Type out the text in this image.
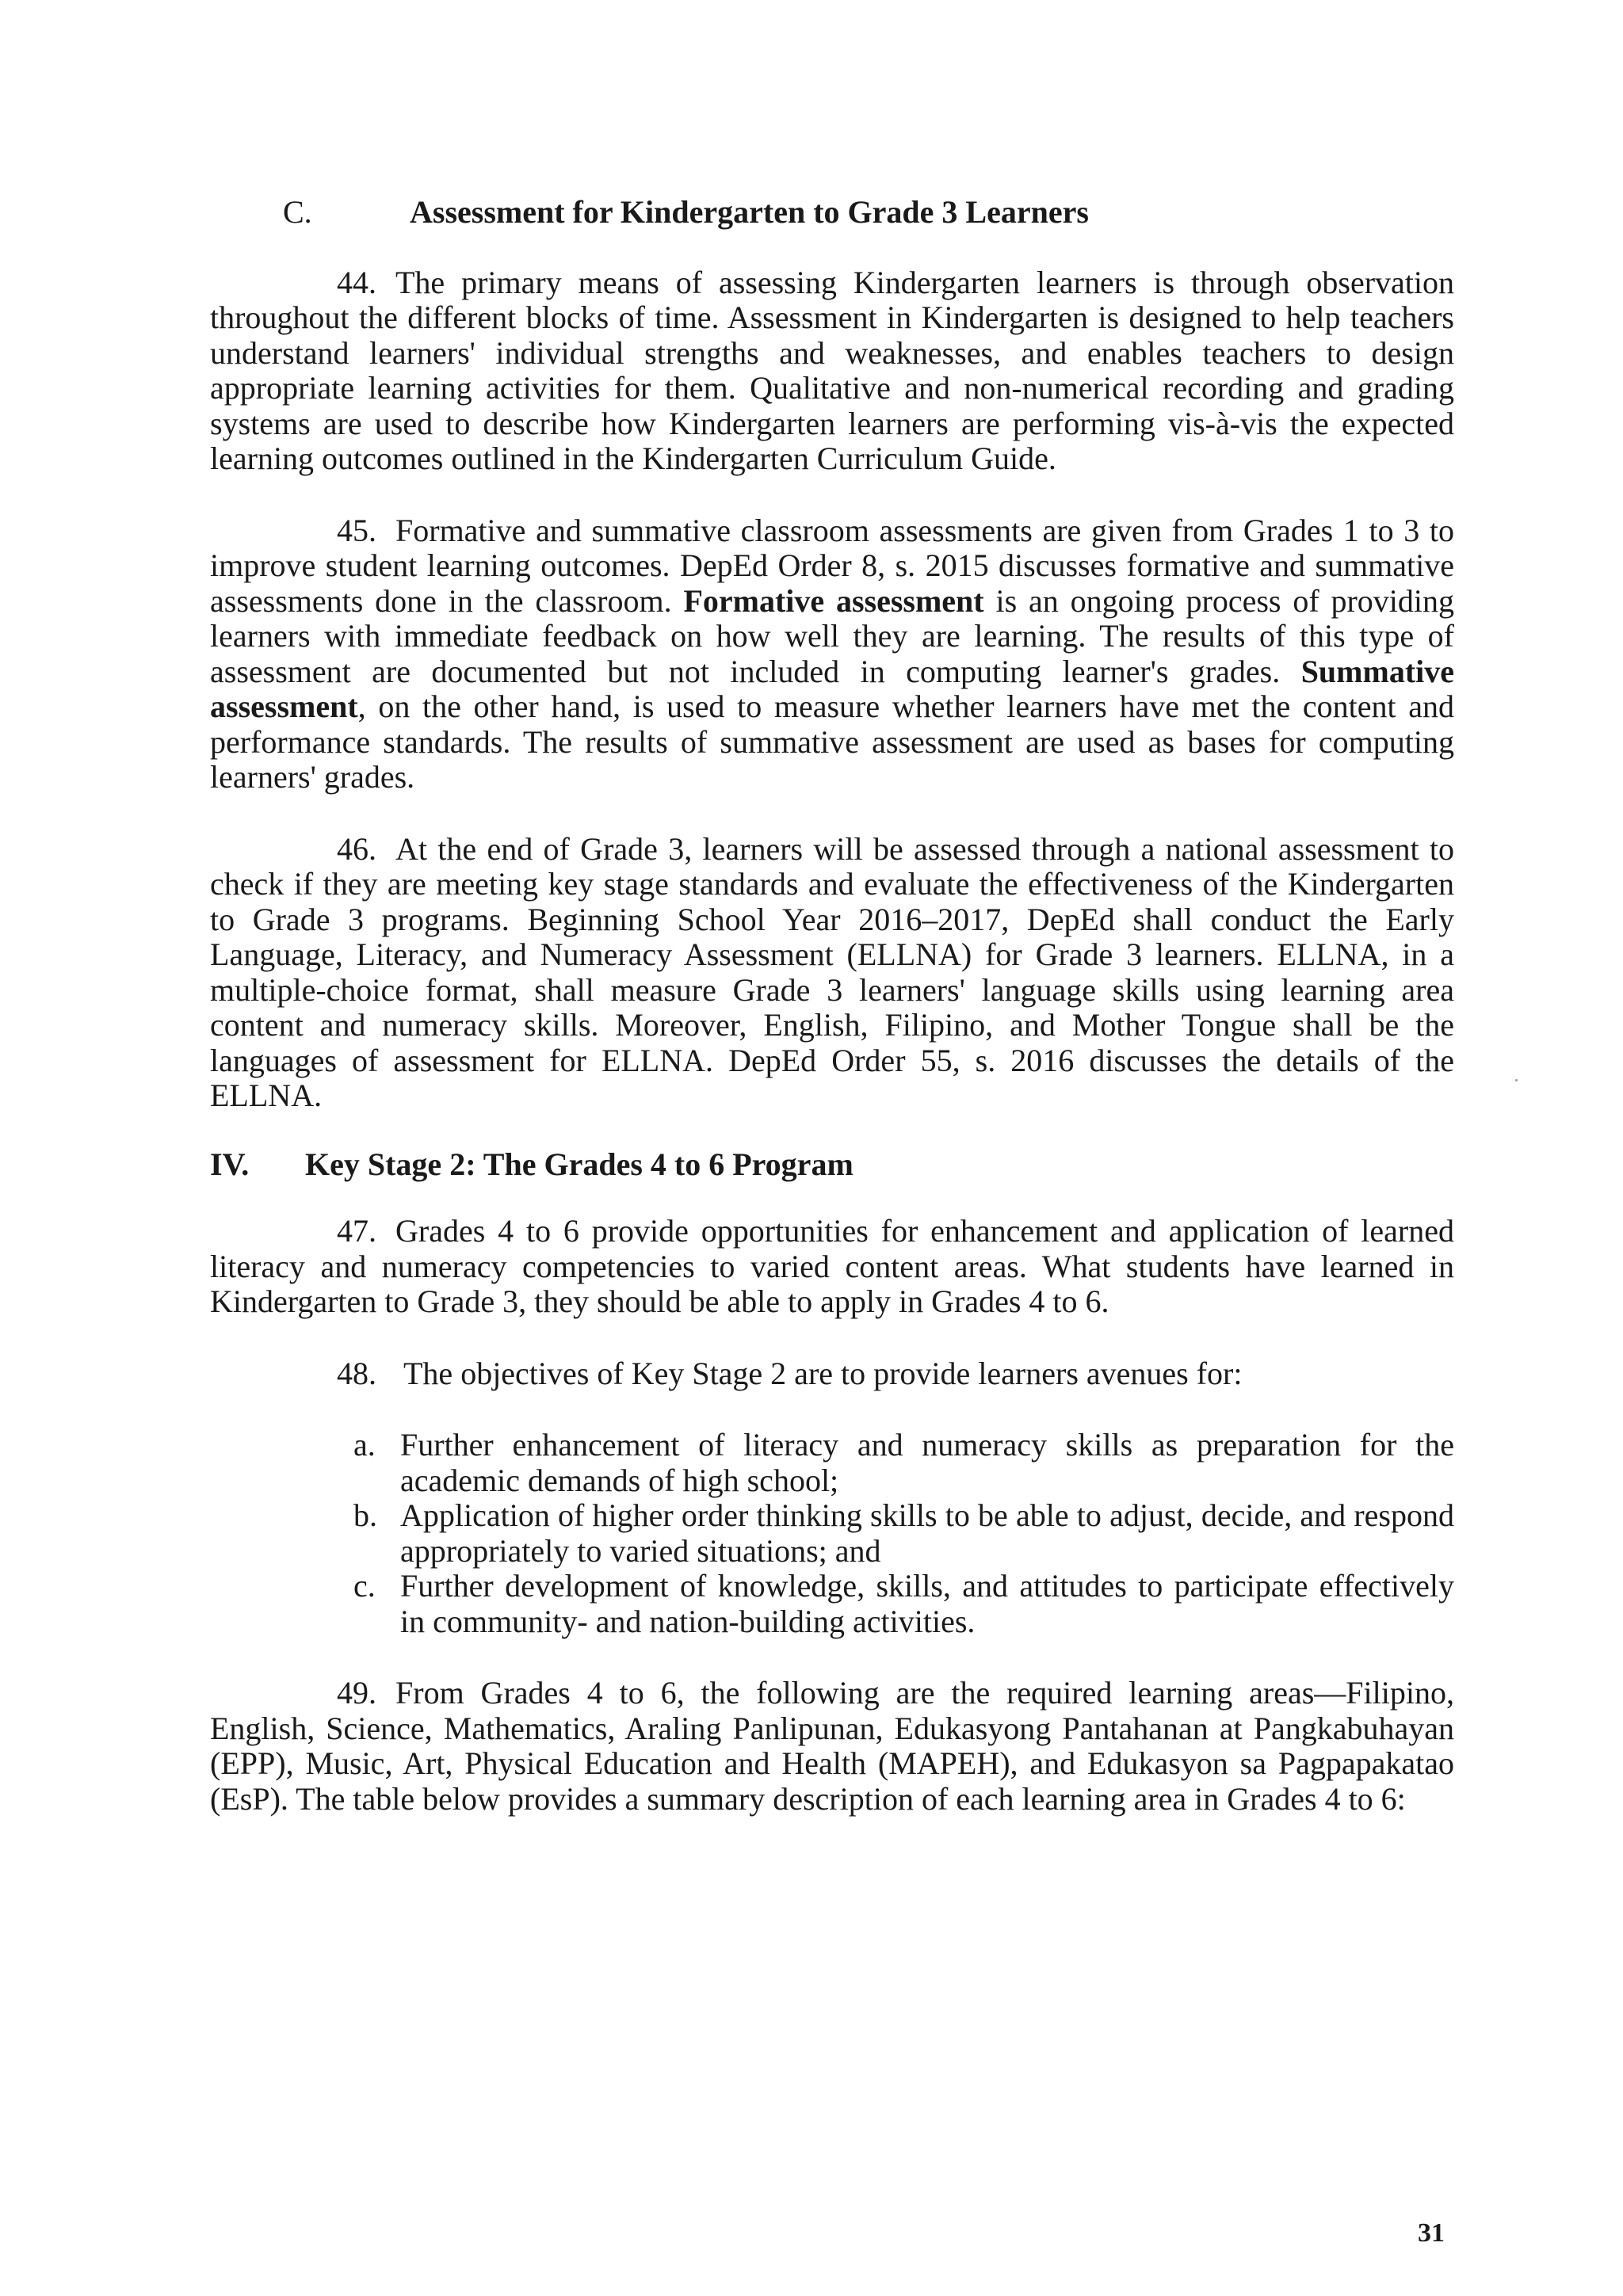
C.	Assessment for Kindergarten to Grade 3 Learners

44. The primary means of assessing Kindergarten learners is through observation throughout the different blocks of time. Assessment in Kindergarten is designed to help teachers understand learners' individual strengths and weaknesses, and enables teachers to design appropriate learning activities for them. Qualitative and non-numerical recording and grading systems are used to describe how Kindergarten learners are performing vis-à-vis the expected learning outcomes outlined in the Kindergarten Curriculum Guide.

45. Formative and summative classroom assessments are given from Grades 1 to 3 to improve student learning outcomes. DepEd Order 8, s. 2015 discusses formative and summative assessments done in the classroom. Formative assessment is an ongoing process of providing learners with immediate feedback on how well they are learning. The results of this type of assessment are documented but not included in computing learner's grades. Summative assessment, on the other hand, is used to measure whether learners have met the content and performance standards. The results of summative assessment are used as bases for computing learners' grades.

46. At the end of Grade 3, learners will be assessed through a national assessment to check if they are meeting key stage standards and evaluate the effectiveness of the Kindergarten to Grade 3 programs. Beginning School Year 2016–2017, DepEd shall conduct the Early Language, Literacy, and Numeracy Assessment (ELLNA) for Grade 3 learners. ELLNA, in a multiple-choice format, shall measure Grade 3 learners' language skills using learning area content and numeracy skills. Moreover, English, Filipino, and Mother Tongue shall be the languages of assessment for ELLNA. DepEd Order 55, s. 2016 discusses the details of the ELLNA.

IV.	Key Stage 2: The Grades 4 to 6 Program

47. Grades 4 to 6 provide opportunities for enhancement and application of learned literacy and numeracy competencies to varied content areas. What students have learned in Kindergarten to Grade 3, they should be able to apply in Grades 4 to 6.

48. The objectives of Key Stage 2 are to provide learners avenues for:

a. Further enhancement of literacy and numeracy skills as preparation for the academic demands of high school;
b. Application of higher order thinking skills to be able to adjust, decide, and respond appropriately to varied situations; and
c. Further development of knowledge, skills, and attitudes to participate effectively in community- and nation-building activities.

49. From Grades 4 to 6, the following are the required learning areas—Filipino, English, Science, Mathematics, Araling Panlipunan, Edukasyong Pantahanan at Pangkabuhayan (EPP), Music, Art, Physical Education and Health (MAPEH), and Edukasyon sa Pagpapakatao (EsP). The table below provides a summary description of each learning area in Grades 4 to 6:

31
